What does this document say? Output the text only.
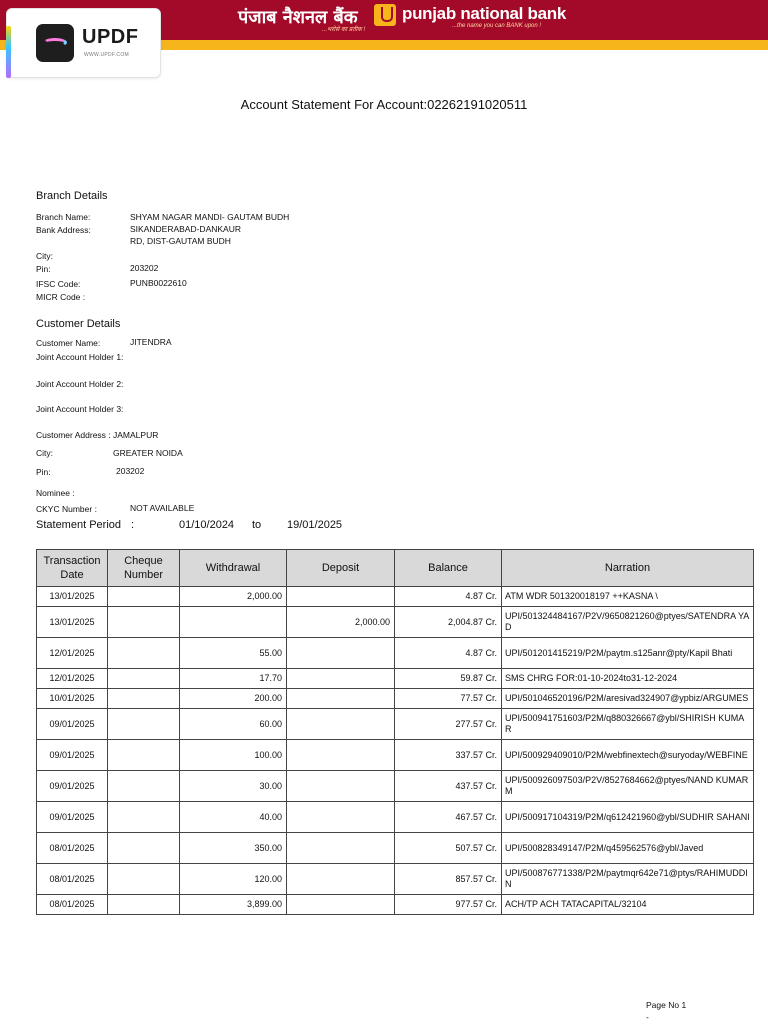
पंजाब नैशनल बैंक
...भरोसे का प्रतीक !
punjab national bank
...the name you can BANK upon !
UPDF
WWW.UPDF.COM
Account Statement For Account:02262191020511
Branch Details
Branch Name:	SHYAM NAGAR MANDI- GAUTAM BUDH
Bank Address:	SIKANDERABAD-DANKAUR
RD, DIST-GAUTAM BUDH
City:
Pin:	203202
IFSC Code:	PUNB0022610
MICR Code :
Customer Details
Customer Name:	JITENDRA
Joint Account Holder 1:
Joint Account Holder 2:
Joint Account Holder 3:
Customer Address : JAMALPUR
City:	GREATER NOIDA
Pin:	203202
Nominee :
CKYC Number :	NOT AVAILABLE
Statement Period :	01/10/2024 to 19/01/2025
Transaction Date	Cheque Number	Withdrawal	Deposit	Balance	Narration
13/01/2025		2,000.00		4.87 Cr.	ATM WDR 501320018197 ++KASNA \
13/01/2025			2,000.00	2,004.87 Cr.	UPI/501324484167/P2V/9650821260@ptyes/SATENDRA YAD
12/01/2025		55.00		4.87 Cr.	UPI/501201415219/P2M/paytm.s125anr@pty/Kapil Bhati
12/01/2025		17.70		59.87 Cr.	SMS CHRG FOR:01-10-2024to31-12-2024
10/01/2025		200.00		77.57 Cr.	UPI/501046520196/P2M/aresivad324907@ypbiz/ARGUMES
09/01/2025		60.00		277.57 Cr.	UPI/500941751603/P2M/q880326667@ybl/SHIRISH KUMAR
09/01/2025		100.00		337.57 Cr.	UPI/500929409010/P2M/webfinextech@suryoday/WEBFINE
09/01/2025		30.00		437.57 Cr.	UPI/500926097503/P2V/8527684662@ptyes/NAND KUMAR M
09/01/2025		40.00		467.57 Cr.	UPI/500917104319/P2M/q612421960@ybl/SUDHIR SAHANI
08/01/2025		350.00		507.57 Cr.	UPI/500828349147/P2M/q459562576@ybl/Javed
08/01/2025		120.00		857.57 Cr.	UPI/500876771338/P2M/paytmqr642e71@ptys/RAHIMUDDIN
08/01/2025		3,899.00		977.57 Cr.	ACH/TP ACH TATACAPITAL/32104
Page No 1
-
